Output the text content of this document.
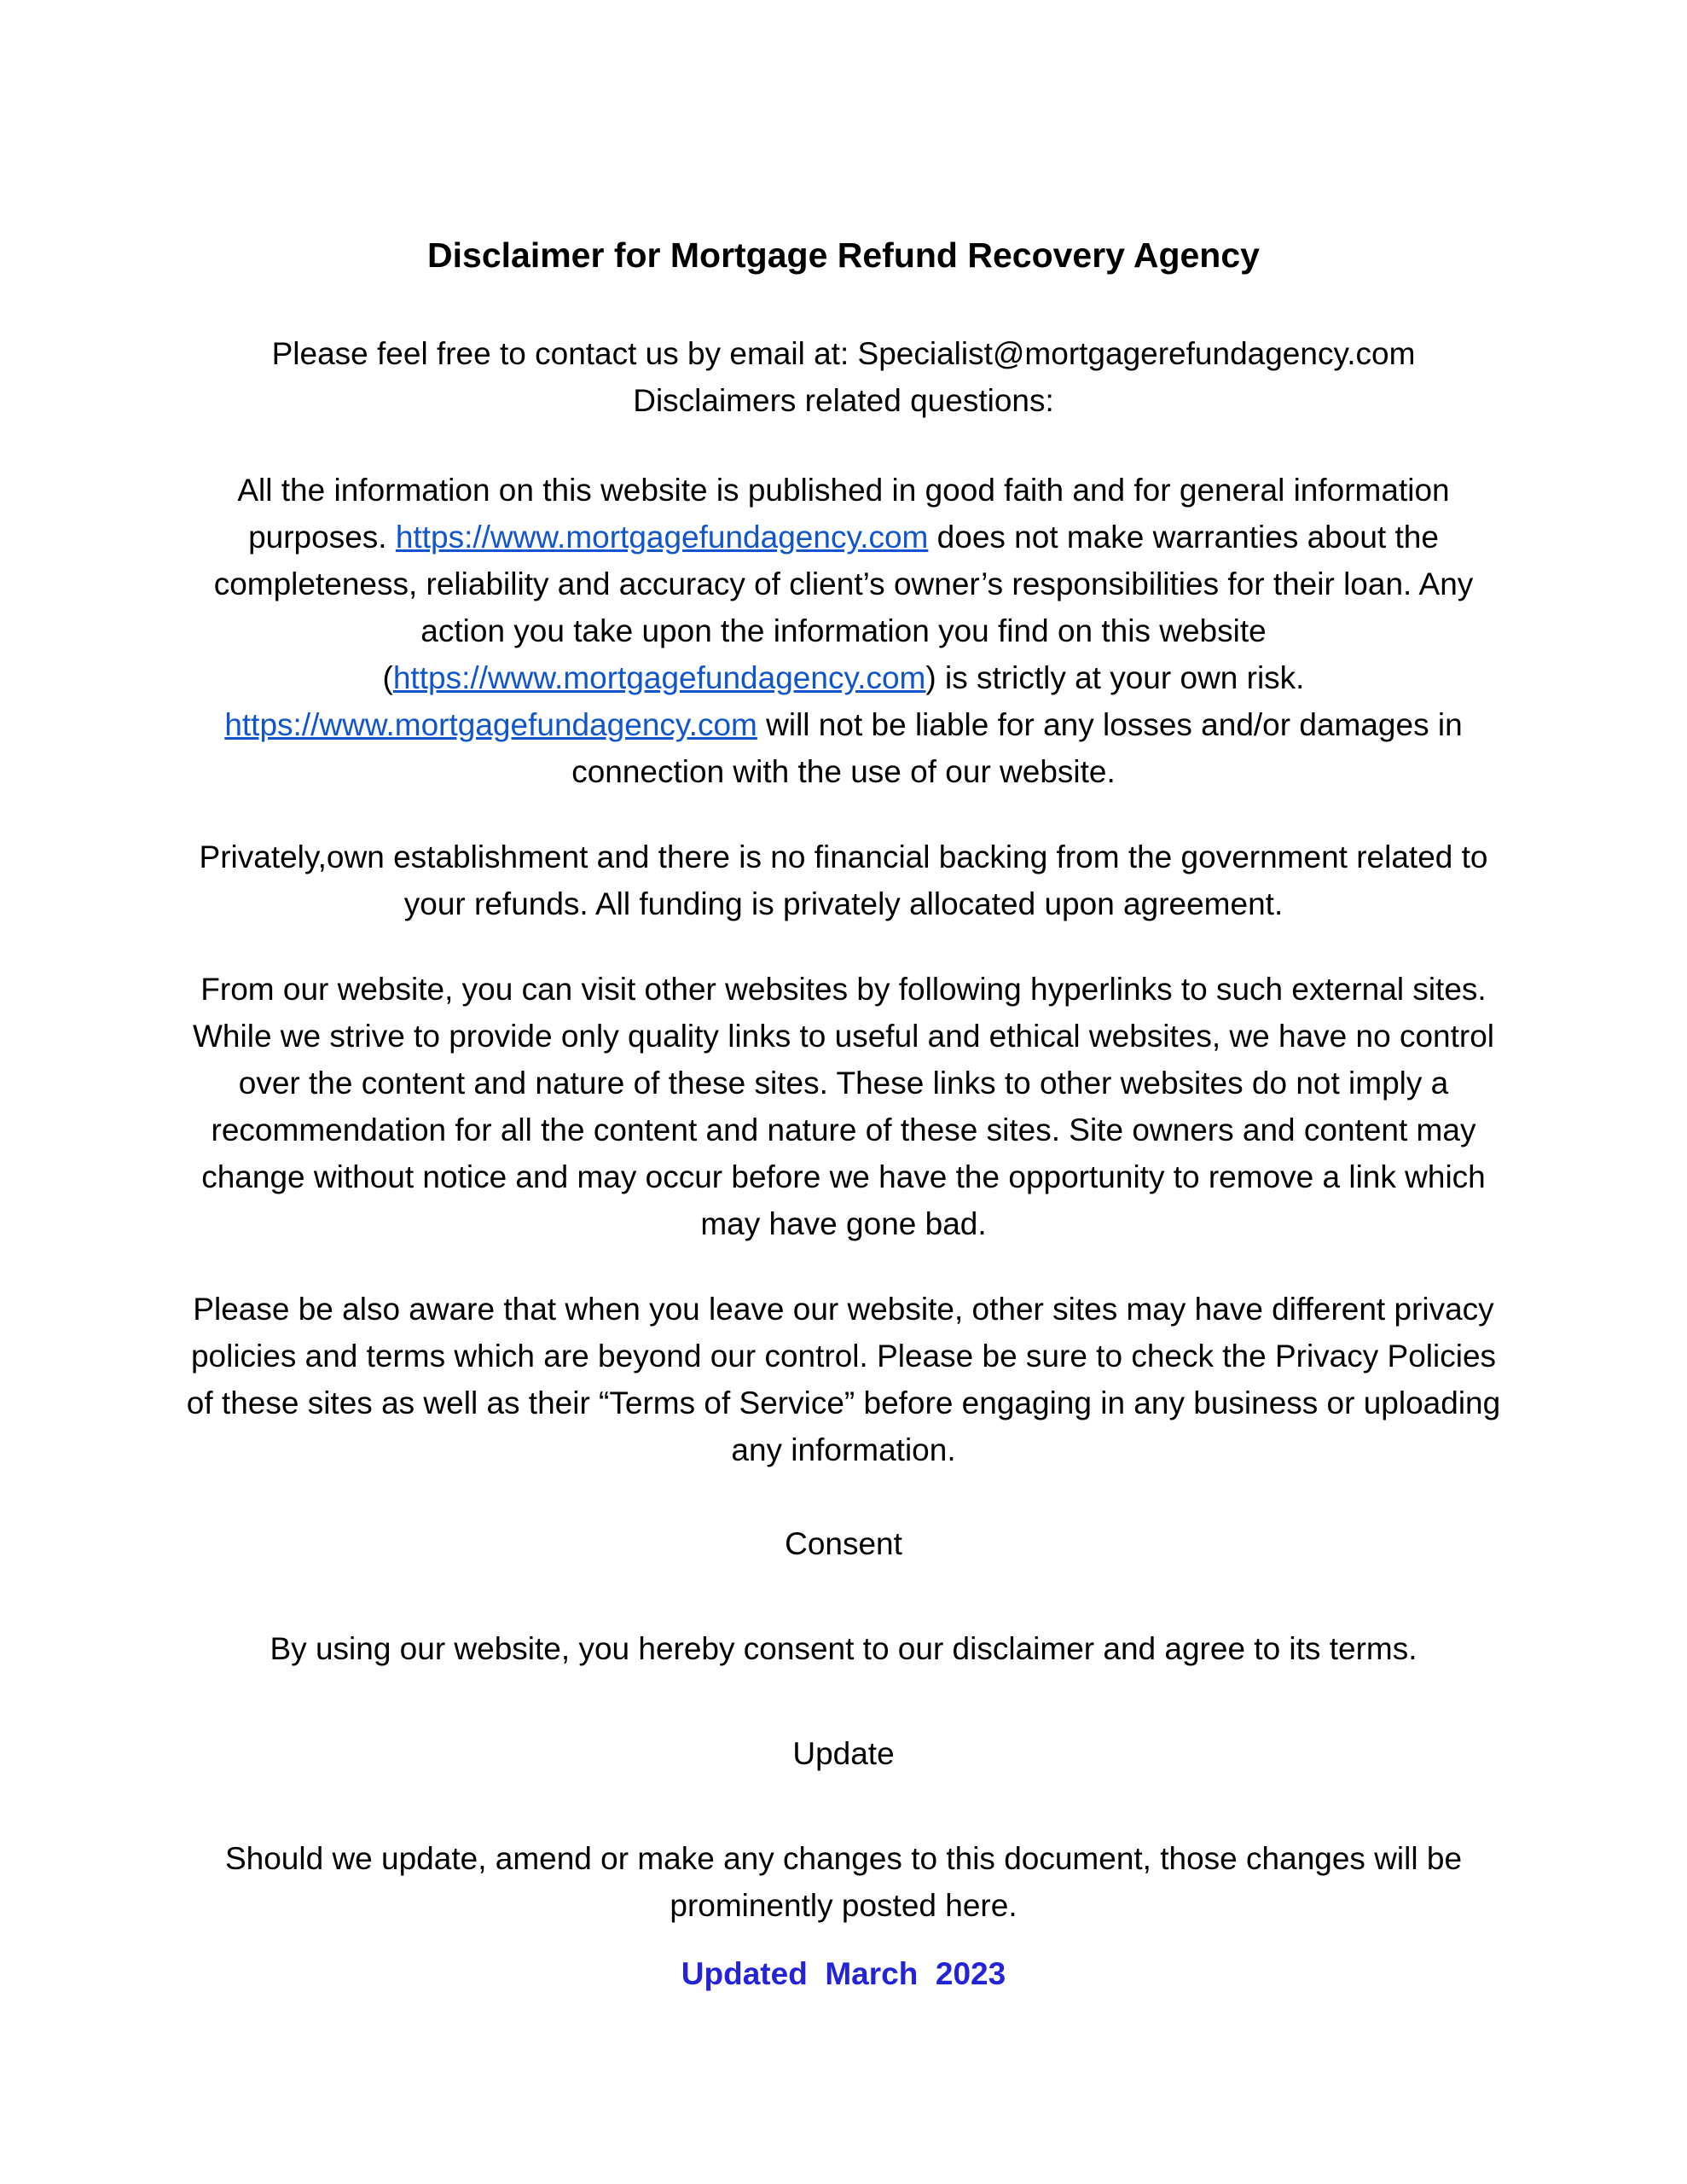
Disclaimer for Mortgage Refund Recovery Agency
Please feel free to contact us by email at: Specialist@mortgagerefundagency.com
Disclaimers related questions:

All the information on this website is published in good faith and for general information purposes. https://www.mortgagefundagency.com does not make warranties about the completeness, reliability and accuracy of client’s owner’s responsibilities for their loan. Any action you take upon the information you find on this website (https://www.mortgagefundagency.com) is strictly at your own risk. https://www.mortgagefundagency.com will not be liable for any losses and/or damages in connection with the use of our website.

Privately,own establishment and there is no financial backing from the government related to your refunds. All funding is privately allocated upon agreement.

From our website, you can visit other websites by following hyperlinks to such external sites. While we strive to provide only quality links to useful and ethical websites, we have no control over the content and nature of these sites. These links to other websites do not imply a recommendation for all the content and nature of these sites. Site owners and content may change without notice and may occur before we have the opportunity to remove a link which may have gone bad.

Please be also aware that when you leave our website, other sites may have different privacy policies and terms which are beyond our control. Please be sure to check the Privacy Policies of these sites as well as their “Terms of Service” before engaging in any business or uploading any information.

Consent

By using our website, you hereby consent to our disclaimer and agree to its terms.

Update

Should we update, amend or make any changes to this document, those changes will be prominently posted here.

Updated  March  2023
